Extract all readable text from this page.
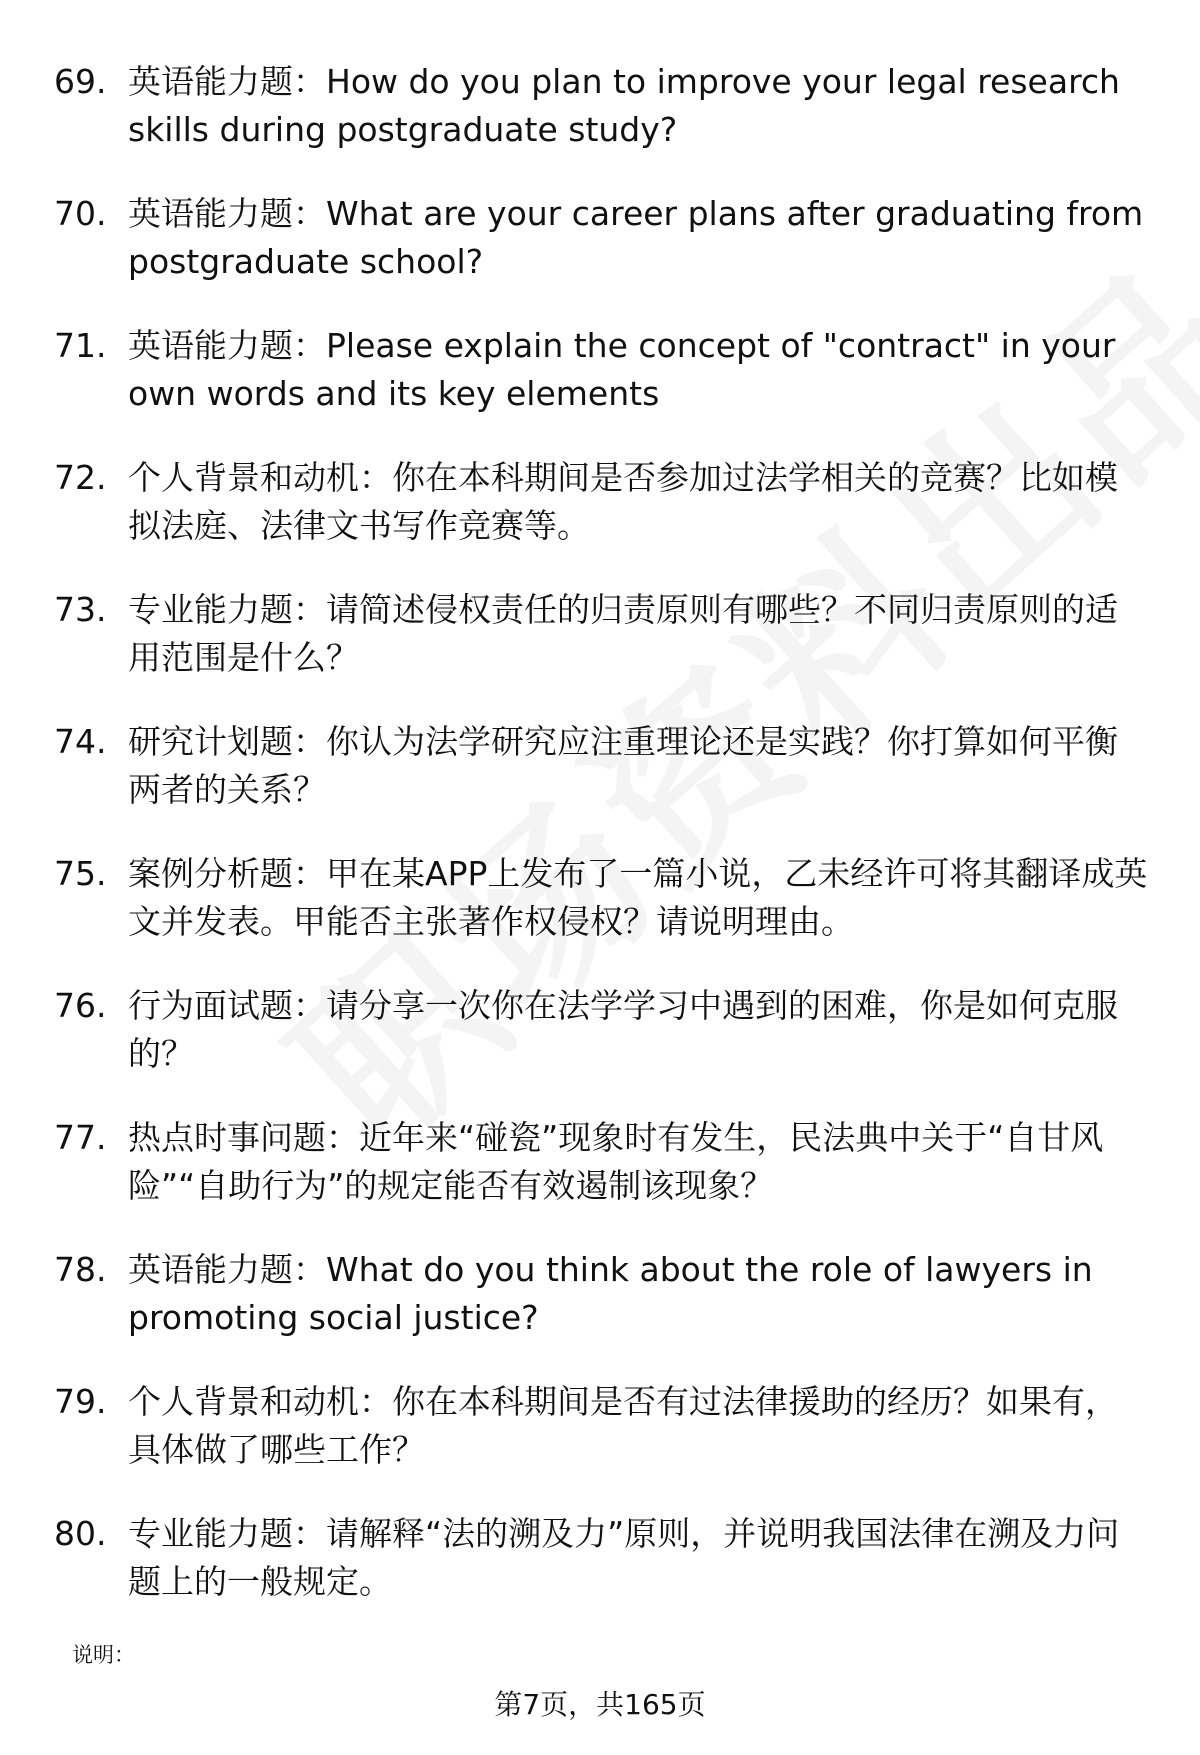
69. 英语能力题：How do you plan to improve your legal research skills during postgraduate study?
70. 英语能力题：What are your career plans after graduating from postgraduate school?
71. 英语能力题：Please explain the concept of "contract" in your own words and its key elements
72. 个人背景和动机：你在本科期间是否参加过法学相关的竞赛？比如模拟法庭、法律文书写作竞赛等。
73. 专业能力题：请简述侵权责任的归责原则有哪些？不同归责原则的适用范围是什么？
74. 研究计划题：你认为法学研究应注重理论还是实践？你打算如何平衡两者的关系？
75. 案例分析题：甲在某APP上发布了一篇小说，乙未经许可将其翻译成英文并发表。甲能否主张著作权侵权？请说明理由。
76. 行为面试题：请分享一次你在法学学习中遇到的困难，你是如何克服的？
77. 热点时事问题：近年来“碰瓷”现象时有发生，民法典中关于“自甘风险”“自助行为”的规定能否有效遏制该现象？
78. 英语能力题：What do you think about the role of lawyers in promoting social justice?
79. 个人背景和动机：你在本科期间是否有过法律援助的经历？如果有，具体做了哪些工作？
80. 专业能力题：请解释“法的溯及力”原则，并说明我国法律在溯及力问题上的一般规定。
说明：
第7页，共165页
